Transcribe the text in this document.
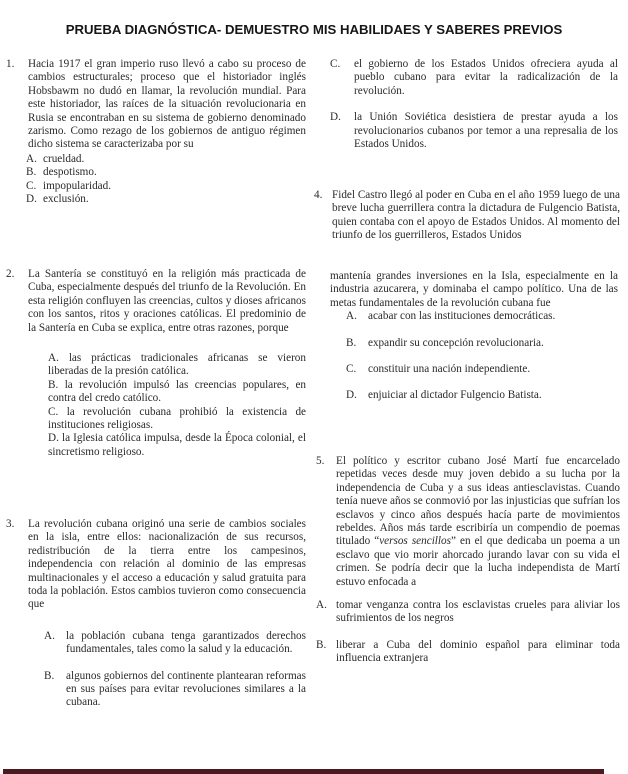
PRUEBA DIAGNÓSTICA- DEMUESTRO MIS HABILIDAES Y SABERES PREVIOS
1. Hacia 1917 el gran imperio ruso llevó a cabo su proceso de cambios estructurales; proceso que el historiador inglés Hobsbawm no dudó en llamar, la revolución mundial. Para este historiador, las raíces de la situación revolucionaria en Rusia se encontraban en su sistema de gobierno denominado zarismo. Como rezago de los gobiernos de antiguo régimen dicho sistema se caracterizaba por su
A. crueldad.
B. despotismo.
C. impopularidad.
D. exclusión.
2. La Santería se constituyó en la religión más practicada de Cuba, especialmente después del triunfo de la Revolución. En esta religión confluyen las creencias, cultos y dioses africanos con los santos, ritos y oraciones católicas. El predominio de la Santería en Cuba se explica, entre otras razones, porque
A. las prácticas tradicionales africanas se vieron liberadas de la presión católica.
B. la revolución impulsó las creencias populares, en contra del credo católico.
C. la revolución cubana prohibió la existencia de instituciones religiosas.
D. la Iglesia católica impulsa, desde la Época colonial, el sincretismo religioso.
3. La revolución cubana originó una serie de cambios sociales en la isla, entre ellos: nacionalización de sus recursos, redistribución de la tierra entre los campesinos, independencia con relación al dominio de las empresas multinacionales y el acceso a educación y salud gratuita para toda la población. Estos cambios tuvieron como consecuencia que
A. la población cubana tenga garantizados derechos fundamentales, tales como la salud y la educación.
B. algunos gobiernos del continente plantearan reformas en sus países para evitar revoluciones similares a la cubana.
C. el gobierno de los Estados Unidos ofreciera ayuda al pueblo cubano para evitar la radicalización de la revolución.
D. la Unión Soviética desistiera de prestar ayuda a los revolucionarios cubanos por temor a una represalia de los Estados Unidos.
4. Fidel Castro llegó al poder en Cuba en el año 1959 luego de una breve lucha guerrillera contra la dictadura de Fulgencio Batista, quien contaba con el apoyo de Estados Unidos. Al momento del triunfo de los guerrilleros, Estados Unidos
mantenía grandes inversiones en la Isla, especialmente en la industria azucarera, y dominaba el campo político. Una de las metas fundamentales de la revolución cubana fue
A. acabar con las instituciones democráticas.
B. expandir su concepción revolucionaria.
C. constituir una nación independiente.
D. enjuiciar al dictador Fulgencio Batista.
5. El político y escritor cubano José Martí fue encarcelado repetidas veces desde muy joven debido a su lucha por la independencia de Cuba y a sus ideas antiesclavistas. Cuando tenía nueve años se conmovió por las injusticias que sufrían los esclavos y cinco años después hacía parte de movimientos rebeldes. Años más tarde escribiría un compendio de poemas titulado “versos sencillos” en el que dedicaba un poema a un esclavo que vio morir ahorcado jurando lavar con su vida el crimen. Se podría decir que la lucha independista de Martí estuvo enfocada a
A. tomar venganza contra los esclavistas crueles para aliviar los sufrimientos de los negros
B. liberar a Cuba del dominio español para eliminar toda influencia extranjera
